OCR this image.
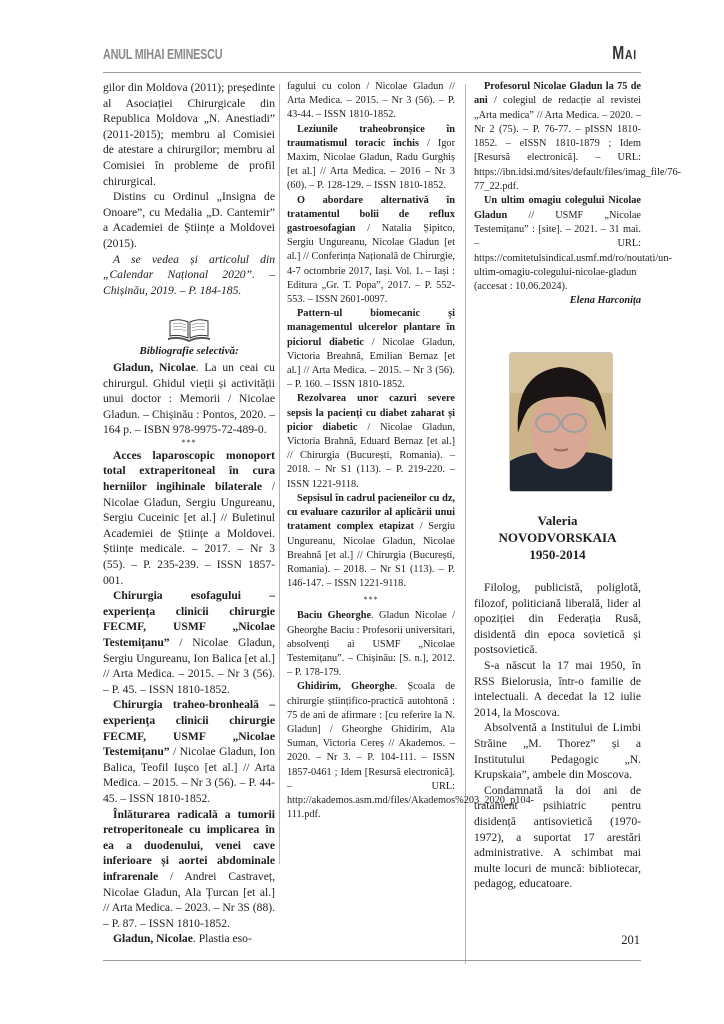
ANUL MIHAI EMINESCU	MAI

gilor din Moldova (2011); președinte al Asociației Chirurgicale din Republica Moldova „N. Anestiadi” (2011-2015); membru al Comisiei de atestare a chirurgilor; membru al Comisiei în probleme de profil chirurgical.

Distins cu Ordinul „Insigna de Onoare”, cu Medalia „D. Cantemir” a Academiei de Științe a Moldovei (2015).

A se vedea și articolul din „Calendar Național 2020”. – Chișinău, 2019. – P. 184-185.

Bibliografie selectivă:

Gladun, Nicolae. La un ceai cu chirurgul. Ghidul vieții și activității unui doctor : Memorii / Nicolae Gladun. – Chișinău : Pontos, 2020. – 164 p. – ISBN 978-9975-72-489-0.

***

Acces laparoscopic monoport total extraperitoneal în cura herniilor ingihinale bilaterale / Nicolae Gladun, Sergiu Ungureanu, Sergiu Cuceinic [et al.] // Buletinul Academiei de Științe a Moldovei. Științe medicale. – 2017. – Nr 3 (55). – P. 235-239. – ISSN 1857-001.

Chirurgia esofagului – experiența clinicii chirurgie FECMF, USMF „Nicolae Testemițanu” / Nicolae Gladun, Sergiu Ungureanu, Ion Balica [et al.] // Arta Medica. – 2015. – Nr 3 (56). – P. 45. – ISSN 1810-1852.

Chirurgia traheo-bronheală – experiența clinicii chirurgie FECMF, USMF „Nicolae Testemițanu” / Nicolae Gladun, Ion Balica, Teofil Iușco [et al.] // Arta Medica. – 2015. – Nr 3 (56). – P. 44-45. – ISSN 1810-1852.

Înlăturarea radicală a tumorii retroperitoneale cu implicarea în ea a duodenului, venei cave inferioare și aortei abdominale infrarenale / Andrei Castraveț, Nicolae Gladun, Ala Țurcan [et al.] // Arta Medica. – 2023. – Nr 3S (88). – P. 87. – ISSN 1810-1852.

Gladun, Nicolae. Plastia eso-

fagului cu colon / Nicolae Gladun // Arta Medica. – 2015. – Nr 3 (56). – P. 43-44. – ISSN 1810-1852.

Leziunile traheobronșice în traumatismul toracic închis / Igor Maxim, Nicolae Gladun, Radu Gurghiș [et al.] // Arta Medica. – 2016 – Nr 3 (60). – P. 128-129. – ISSN 1810-1852.

O abordare alternativă în tratamentul bolii de reflux gastroesofagian / Natalia Șipitco, Sergiu Ungureanu, Nicolae Gladun [et al.] // Conferința Națională de Chirurgie, 4-7 octombrie 2017, Iași. Vol. 1. – Iași : Editura „Gr. T. Popa”, 2017. – P. 552-553. – ISSN 2601-0097.

Pattern-ul biomecanic și managementul ulcerelor plantare în piciorul diabetic / Nicolae Gladun, Victoria Breahnă, Emilian Bernaz [et al.] // Arta Medica. – 2015. – Nr 3 (56). – P. 160. – ISSN 1810-1852.

Rezolvarea unor cazuri severe sepsis la pacienți cu diabet zaharat și picior diabetic / Nicolae Gladun, Victoria Brahnă, Eduard Bernaz [et al.] // Chirurgia (București, Romania). – 2018. – Nr S1 (113). – P. 219-220. – ISSN 1221-9118.

Sepsisul în cadrul pacieneilor cu dz, cu evaluare cazurilor al aplicării unui tratament complex etapizat / Sergiu Ungureanu, Nicolae Gladun, Nicolae Breahnă [et al.] // Chirurgia (București, Romania). – 2018. – Nr S1 (113). – P. 146-147. – ISSN 1221-9118.

***

Baciu Gheorghe. Gladun Nicolae / Gheorghe Baciu : Profesorii universitari, absolvenți ai USMF „Nicolae Testemițanu”. – Chișinău: [S. n.], 2012. – P. 178-179.

Ghidirim, Gheorghe. Școala de chirurgie științifico-practică autohtonă : 75 de ani de afirmare : [cu referire la N. Gladun] / Gheorghe Ghidirim, Ala Suman, Victoria Cereș // Akademos. – 2020. – Nr 3. – P. 104-111. – ISSN 1857-0461 ; Idem [Resursă electronică]. – URL: http://akademos.asm.md/files/Akademos%203_2020_p104-111.pdf.

Profesorul Nicolae Gladun la 75 de ani / colegiul de redacție al revistei „Arta medica” // Arta Medica. – 2020. – Nr 2 (75). – P. 76-77. – pISSN 1810-1852. – eISSN 1810-1879 ; Idem [Resursă electronică]. – URL: https://ibn.idsi.md/sites/default/files/imag_file/76-77_22.pdf.

Un ultim omagiu colegului Nicolae Gladun // USMF „Nicolae Testemițanu” : [site]. – 2021. – 31 mai. – URL: https://comitetulsindical.usmf.md/ro/noutati/un-ultim-omagiu-colegului-nicolae-gladun (accesat : 10.06.2024).

Elena Harconița

Valeria
NOVODVORSKAIA
1950-2014

Filolog, publicistă, poliglotă, filozof, politiciană liberală, lider al opoziției din Federația Rusă, disidentă din epoca sovietică și postsovietică.

S-a născut la 17 mai 1950, în RSS Bielorusia, într-o familie de intelectuali. A decedat la 12 iulie 2014, la Moscova.

Absolventă a Institului de Limbi Străine „M. Thorez” și a Institutului Pedagogic „N. Krupskaia”, ambele din Moscova.

Condamnată la doi ani de tratament psihiatric pentru disidență antisovietică (1970-1972), a suportat 17 arestări administrative. A schimbat mai multe locuri de muncă: bibliotecar, pedagog, educatoare.

201
